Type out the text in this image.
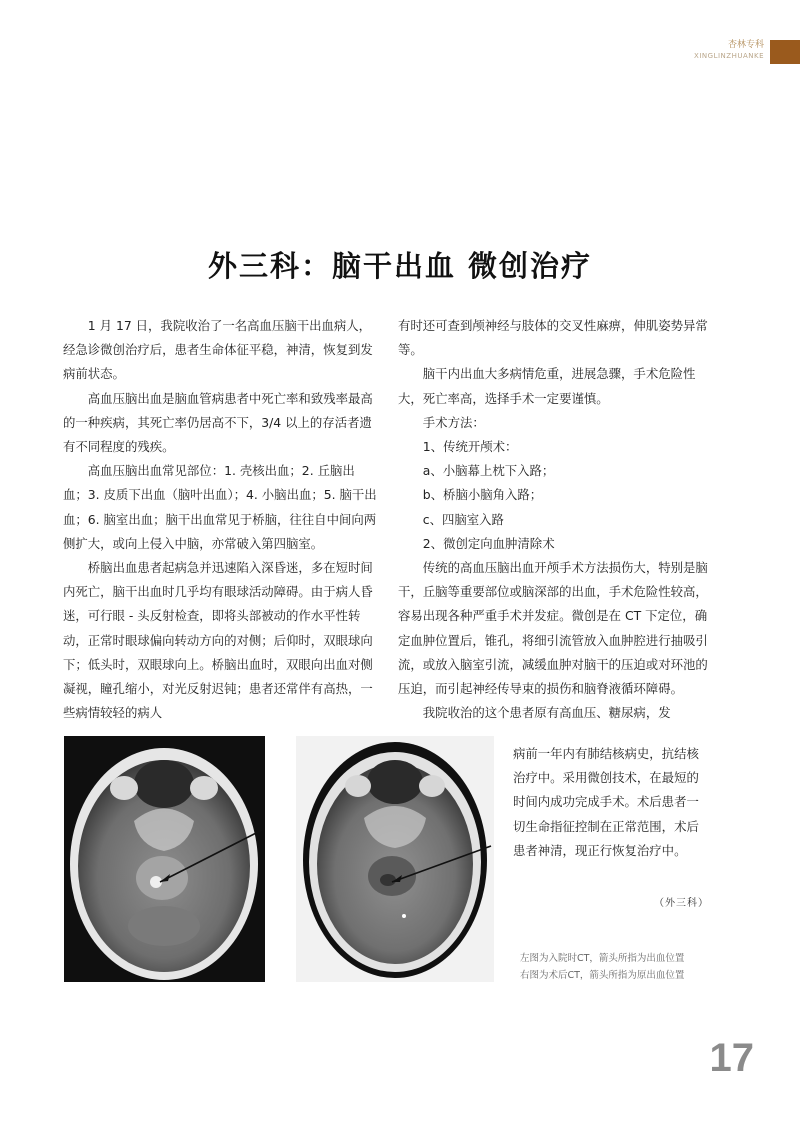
杏林专科
XINGLINZHUANKE
外三科：脑干出血 微创治疗

1 月 17 日，我院收治了一名高血压脑干出血病人，经急诊微创治疗后，患者生命体征平稳，神清，恢复到发病前状态。

高血压脑出血是脑血管病患者中死亡率和致残率最高的一种疾病，其死亡率仍居高不下，3/4 以上的存活者遗有不同程度的残疾。

高血压脑出血常见部位：1. 壳核出血；2. 丘脑出血；3. 皮质下出血（脑叶出血）；4. 小脑出血；5. 脑干出血；6. 脑室出血；脑干出血常见于桥脑，往往自中间向两侧扩大，或向上侵入中脑，亦常破入第四脑室。

桥脑出血患者起病急并迅速陷入深昏迷，多在短时间内死亡，脑干出血时几乎均有眼球活动障碍。由于病人昏迷，可行眼 - 头反射检查，即将头部被动的作水平性转动，正常时眼球偏向转动方向的对侧；后仰时，双眼球向下；低头时，双眼球向上。桥脑出血时，双眼向出血对侧凝视，瞳孔缩小，对光反射迟钝；患者还常伴有高热，一些病情较轻的病人

有时还可查到颅神经与肢体的交叉性麻痹，伸肌姿势异常等。

脑干内出血大多病情危重，进展急骤，手术危险性大，死亡率高，选择手术一定要谨慎。

手术方法：

1、传统开颅术：

a、小脑幕上枕下入路；

b、桥脑小脑角入路；

c、四脑室入路

2、微创定向血肿清除术

传统的高血压脑出血开颅手术方法损伤大，特别是脑干，丘脑等重要部位或脑深部的出血，手术危险性较高，容易出现各种严重手术并发症。微创是在 CT 下定位，确定血肿位置后，锥孔，将细引流管放入血肿腔进行抽吸引流，或放入脑室引流，减缓血肿对脑干的压迫或对环池的压迫，而引起神经传导束的损伤和脑脊液循环障碍。

我院收治的这个患者原有高血压、糖尿病，发

病前一年内有肺结核病史，抗结核治疗中。采用微创技术，在最短的时间内成功完成手术。术后患者一切生命指征控制在正常范围，术后患者神清，现正行恢复治疗中。

（外三科）
左图为入院时CT，箭头所指为出血位置
右图为术后CT，箭头所指为原出血位置
17
